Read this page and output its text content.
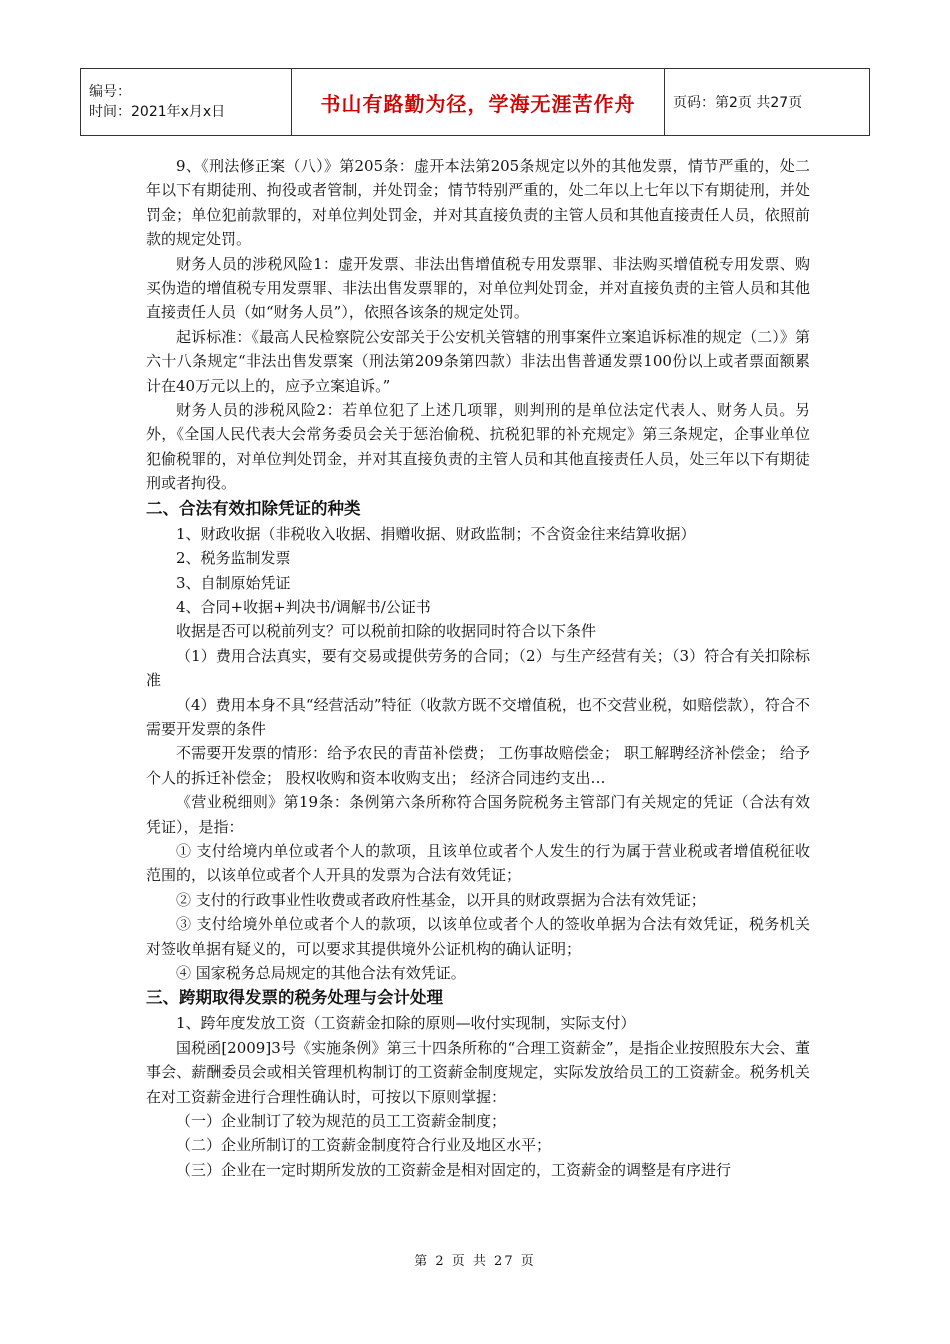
编号：
时间：2021年x月x日	书山有路勤为径，学海无涯苦作舟	页码：第2页 共27页

9、《刑法修正案（八）》第205条：虚开本法第205条规定以外的其他发票，情节严重的，处二年以下有期徒刑、拘役或者管制，并处罚金；情节特别严重的，处二年以上七年以下有期徒刑，并处罚金；单位犯前款罪的，对单位判处罚金，并对其直接负责的主管人员和其他直接责任人员，依照前款的规定处罚。

财务人员的涉税风险1：虚开发票、非法出售增值税专用发票罪、非法购买增值税专用发票、购买伪造的增值税专用发票罪、非法出售发票罪的，对单位判处罚金，并对直接负责的主管人员和其他直接责任人员（如“财务人员”），依照各该条的规定处罚。

起诉标准：《最高人民检察院公安部关于公安机关管辖的刑事案件立案追诉标准的规定（二）》第六十八条规定“非法出售发票案（刑法第209条第四款）非法出售普通发票100份以上或者票面额累计在40万元以上的，应予立案追诉。”

财务人员的涉税风险2：若单位犯了上述几项罪，则判刑的是单位法定代表人、财务人员。另外，《全国人民代表大会常务委员会关于惩治偷税、抗税犯罪的补充规定》第三条规定，企事业单位犯偷税罪的，对单位判处罚金，并对其直接负责的主管人员和其他直接责任人员，处三年以下有期徒刑或者拘役。

二、合法有效扣除凭证的种类

1、财政收据（非税收入收据、捐赠收据、财政监制；不含资金往来结算收据）

2、税务监制发票

3、自制原始凭证

4、合同+收据+判决书/调解书/公证书

收据是否可以税前列支？可以税前扣除的收据同时符合以下条件

（1）费用合法真实，要有交易或提供劳务的合同；（2）与生产经营有关；（3）符合有关扣除标准

（4）费用本身不具“经营活动”特征（收款方既不交增值税，也不交营业税，如赔偿款），符合不需要开发票的条件

不需要开发票的情形：给予农民的青苗补偿费； 工伤事故赔偿金； 职工解聘经济补偿金； 给予个人的拆迁补偿金； 股权收购和资本收购支出； 经济合同违约支出…

《营业税细则》第19条：条例第六条所称符合国务院税务主管部门有关规定的凭证（合法有效凭证），是指：

① 支付给境内单位或者个人的款项，且该单位或者个人发生的行为属于营业税或者增值税征收范围的，以该单位或者个人开具的发票为合法有效凭证；

② 支付的行政事业性收费或者政府性基金，以开具的财政票据为合法有效凭证；

③ 支付给境外单位或者个人的款项，以该单位或者个人的签收单据为合法有效凭证，税务机关对签收单据有疑义的，可以要求其提供境外公证机构的确认证明；

④ 国家税务总局规定的其他合法有效凭证。

三、跨期取得发票的税务处理与会计处理

1、跨年度发放工资（工资薪金扣除的原则—收付实现制，实际支付）

国税函[2009]3号《实施条例》第三十四条所称的“合理工资薪金”，是指企业按照股东大会、董事会、薪酬委员会或相关管理机构制订的工资薪金制度规定，实际发放给员工的工资薪金。税务机关在对工资薪金进行合理性确认时，可按以下原则掌握：

（一）企业制订了较为规范的员工工资薪金制度；

（二）企业所制订的工资薪金制度符合行业及地区水平；

（三）企业在一定时期所发放的工资薪金是相对固定的，工资薪金的调整是有序进行

第 2 页 共 27 页
